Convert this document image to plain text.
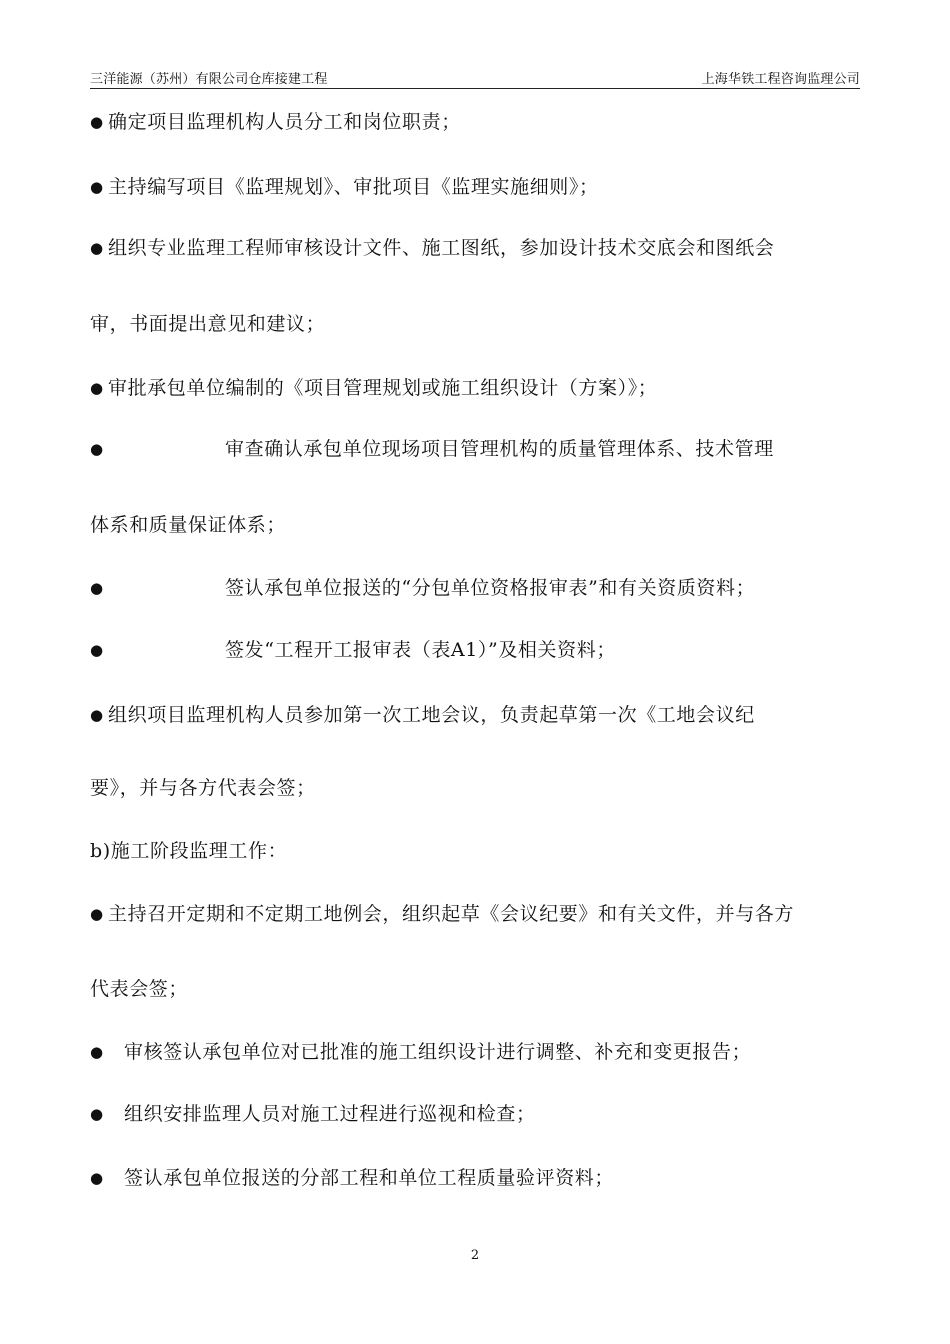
三洋能源（苏州）有限公司仓库接建工程	上海华铁工程咨询监理公司
● 确定项目监理机构人员分工和岗位职责；
● 主持编写项目《监理规划》、审批项目《监理实施细则》；
● 组织专业监理工程师审核设计文件、施工图纸，参加设计技术交底会和图纸会
审，书面提出意见和建议；
● 审批承包单位编制的《项目管理规划或施工组织设计（方案）》；
●	审查确认承包单位现场项目管理机构的质量管理体系、技术管理
体系和质量保证体系；
●	签认承包单位报送的“分包单位资格报审表”和有关资质资料；
●	签发“工程开工报审表（表A1）”及相关资料；
● 组织项目监理机构人员参加第一次工地会议，负责起草第一次《工地会议纪
要》，并与各方代表会签；
b)施工阶段监理工作：
● 主持召开定期和不定期工地例会，组织起草《会议纪要》和有关文件，并与各方
代表会签；
● 审核签认承包单位对已批准的施工组织设计进行调整、补充和变更报告；
● 组织安排监理人员对施工过程进行巡视和检查；
● 签认承包单位报送的分部工程和单位工程质量验评资料；
2
